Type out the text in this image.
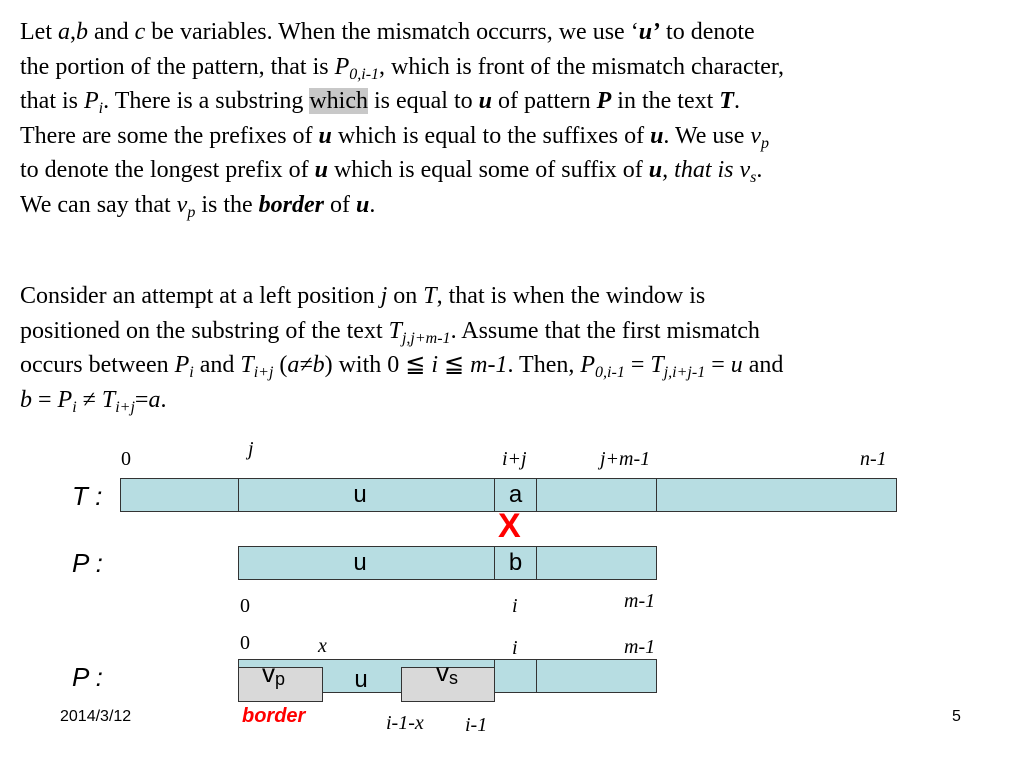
Let a,b and c be variables. When the mismatch occurrs, we use ‘u’ to denote
the portion of the pattern, that is $P_{0,i-1}$, which is front of the mismatch character,
that is $P_i$. There is a substring which is equal to u of pattern P in the text T.
There are some the prefixes of u which is equal to the suffixes of u. We use $v_p$
to denote the longest prefix of u which is equal some of suffix of u, that is $v_s$.
We can say that $v_p$ is the border of u.
Consider an attempt at a left position j on T, that is when the window is
positioned on the substring of the text $T_{j,j+m-1}$. Assume that the first mismatch
occurs between $P_i$ and $T_{i+j}$ (a≠b) with 0 ≦ i ≦ m-1. Then, $P_{0,i-1} = T_{j,i+j-1} = u$ and
$b = P_i \ne T_{i+j}=a$.
0	j	i+j	j+m-1	n-1
T :	u	a
X
P :	u	b
0	i	m-1
0	x	i	m-1
P :	$v_p$	u	$v_s$
border	i-1-x i-1
2014/3/12	5
